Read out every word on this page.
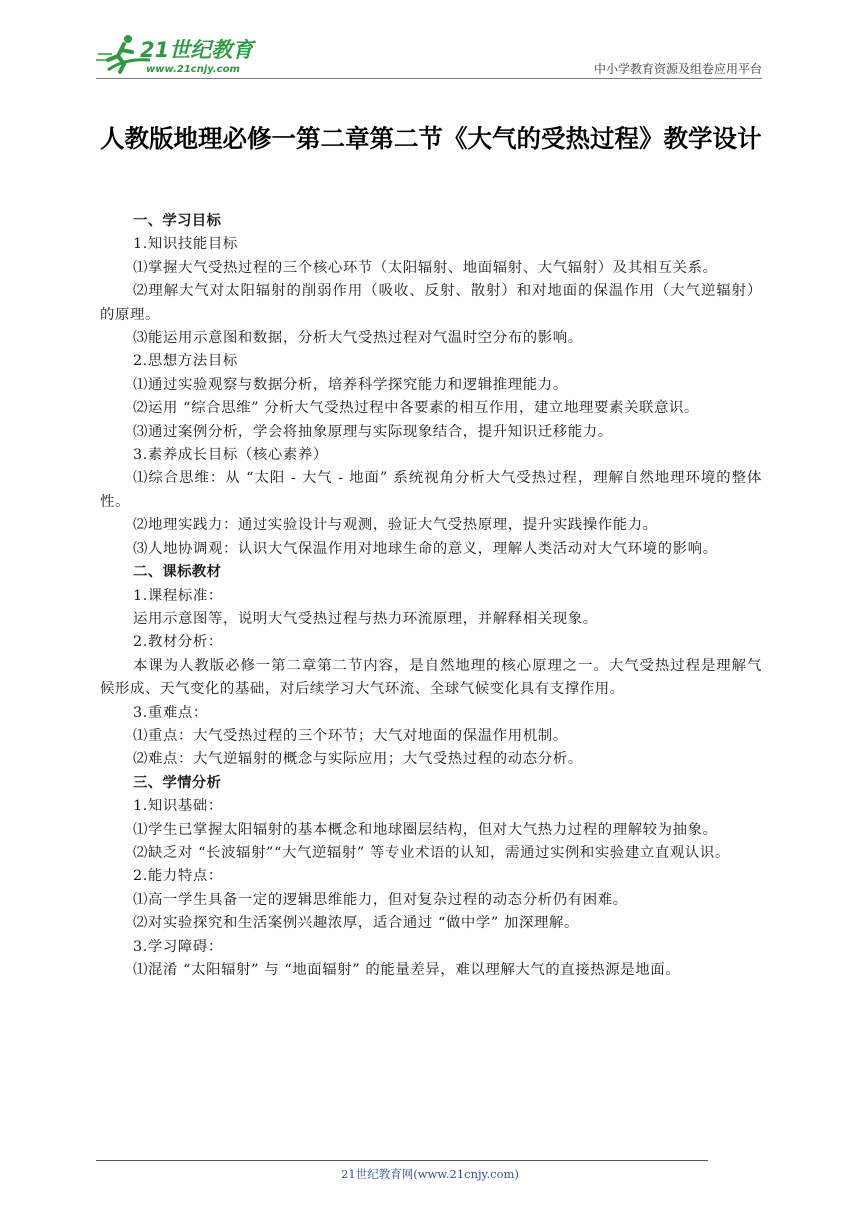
21世纪教育
www.21cnjy.com	中小学教育资源及组卷应用平台
人教版地理必修一第二章第二节《大气的受热过程》教学设计

一、学习目标

1.知识技能目标

⑴掌握大气受热过程的三个核心环节（太阳辐射、地面辐射、大气辐射）及其相互关系。

⑵理解大气对太阳辐射的削弱作用（吸收、反射、散射）和对地面的保温作用（大气逆辐射）的原理。

⑶能运用示意图和数据，分析大气受热过程对气温时空分布的影响。

2.思想方法目标

⑴通过实验观察与数据分析，培养科学探究能力和逻辑推理能力。

⑵运用 “综合思维” 分析大气受热过程中各要素的相互作用，建立地理要素关联意识。

⑶通过案例分析，学会将抽象原理与实际现象结合，提升知识迁移能力。

3.素养成长目标（核心素养）

⑴综合思维：从 “太阳 - 大气 - 地面” 系统视角分析大气受热过程，理解自然地理环境的整体性。

⑵地理实践力：通过实验设计与观测，验证大气受热原理，提升实践操作能力。

⑶人地协调观：认识大气保温作用对地球生命的意义，理解人类活动对大气环境的影响。

二、课标教材

1.课程标准：

运用示意图等，说明大气受热过程与热力环流原理，并解释相关现象。

2.教材分析：

本课为人教版必修一第二章第二节内容，是自然地理的核心原理之一。大气受热过程是理解气候形成、天气变化的基础，对后续学习大气环流、全球气候变化具有支撑作用。

3.重难点：

⑴重点：大气受热过程的三个环节；大气对地面的保温作用机制。

⑵难点：大气逆辐射的概念与实际应用；大气受热过程的动态分析。

三、学情分析

1.知识基础：

⑴学生已掌握太阳辐射的基本概念和地球圈层结构，但对大气热力过程的理解较为抽象。

⑵缺乏对 “长波辐射”“大气逆辐射” 等专业术语的认知，需通过实例和实验建立直观认识。

2.能力特点：

⑴高一学生具备一定的逻辑思维能力，但对复杂过程的动态分析仍有困难。

⑵对实验探究和生活案例兴趣浓厚，适合通过 “做中学” 加深理解。

3.学习障碍：

⑴混淆 “太阳辐射” 与 “地面辐射” 的能量差异，难以理解大气的直接热源是地面。

21世纪教育网(www.21cnjy.com)
